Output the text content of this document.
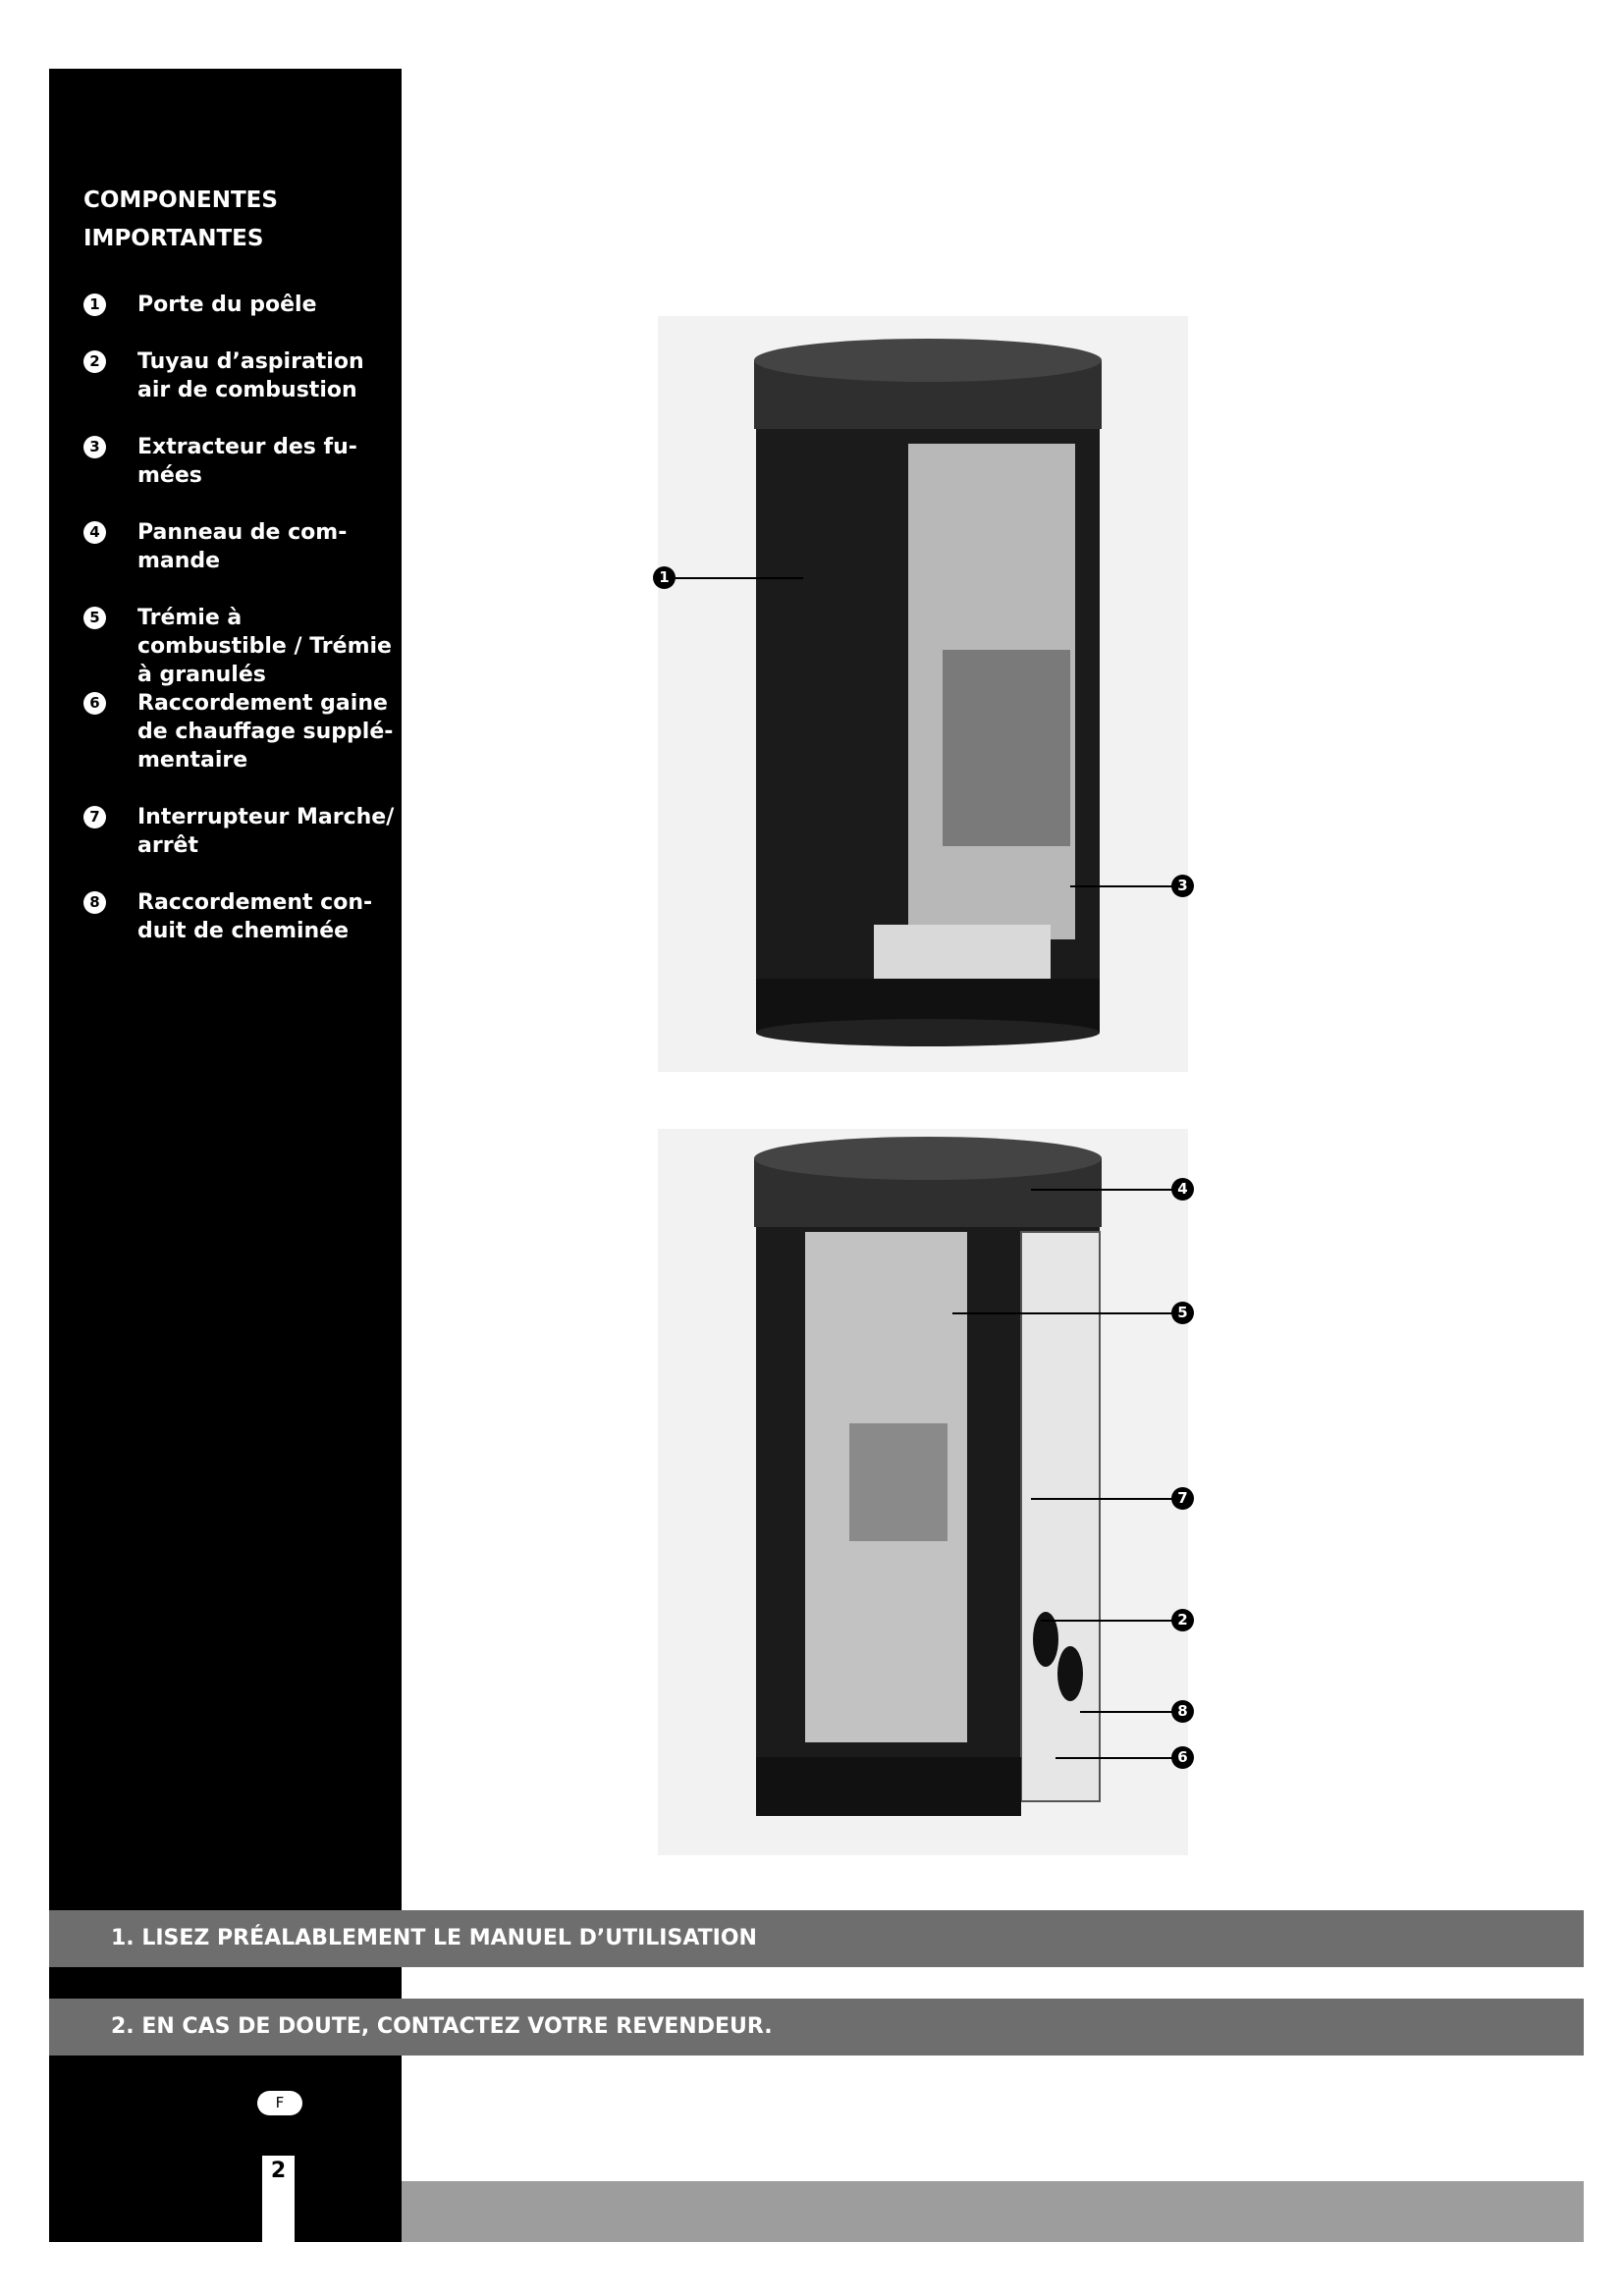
COMPONENTES
IMPORTANTES
1 Porte du poêle
2 Tuyau d’aspiration air de combustion
3 Extracteur des fu-mées
4 Panneau de com-mande
5 Trémie à combustible / Trémie à granulés
6 Raccordement gaine de chauffage supplé-mentaire
7 Interrupteur Marche/ arrêt
8 Raccordement con-duit de cheminée
1
3
4
5
7
2
8
6
1. LISEZ PRÉALABLEMENT LE MANUEL D’UTILISATION
2. EN CAS DE DOUTE, CONTACTEZ VOTRE REVENDEUR.
F
2
